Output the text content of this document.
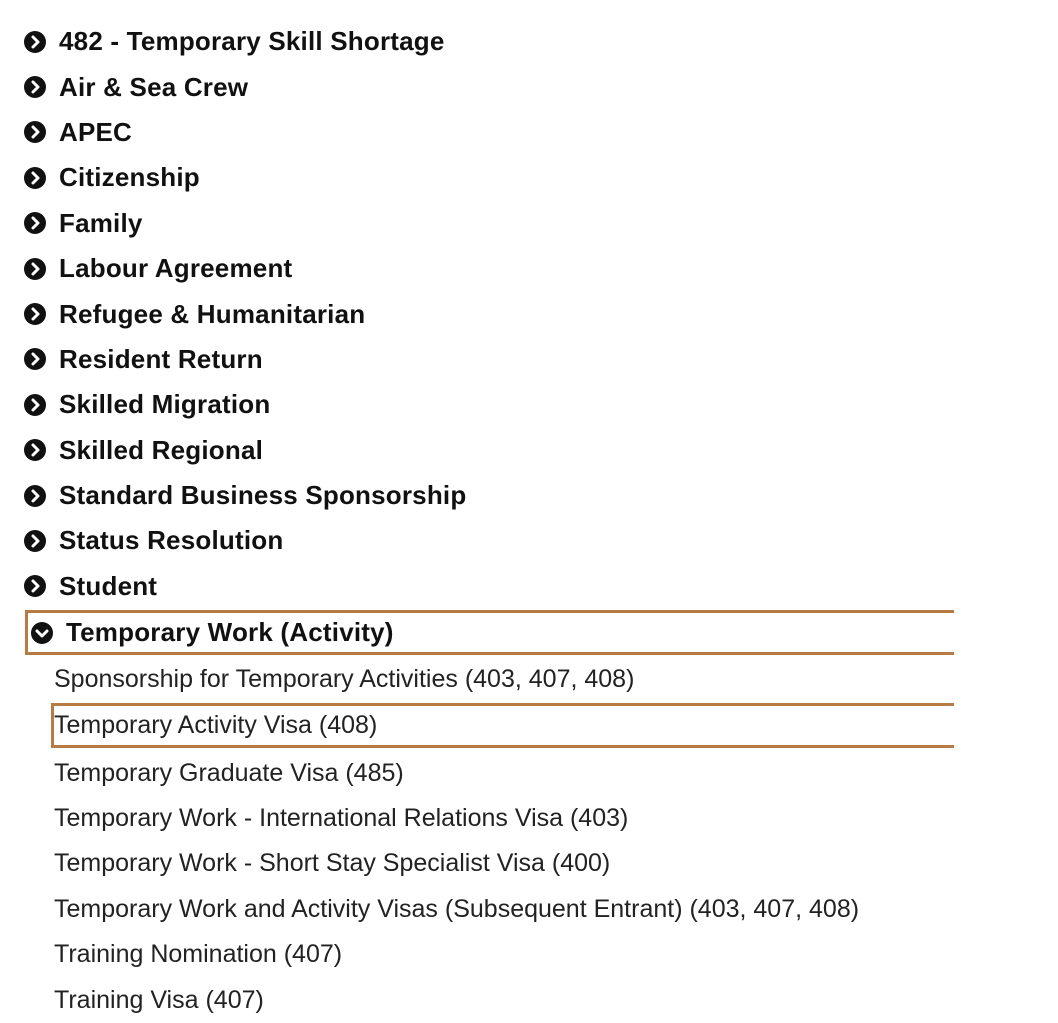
482 - Temporary Skill Shortage
Air & Sea Crew
APEC
Citizenship
Family
Labour Agreement
Refugee & Humanitarian
Resident Return
Skilled Migration
Skilled Regional
Standard Business Sponsorship
Status Resolution
Student
Temporary Work (Activity)
Sponsorship for Temporary Activities (403, 407, 408)
Temporary Activity Visa (408)
Temporary Graduate Visa (485)
Temporary Work - International Relations Visa (403)
Temporary Work - Short Stay Specialist Visa (400)
Temporary Work and Activity Visas (Subsequent Entrant) (403, 407, 408)
Training Nomination (407)
Training Visa (407)
